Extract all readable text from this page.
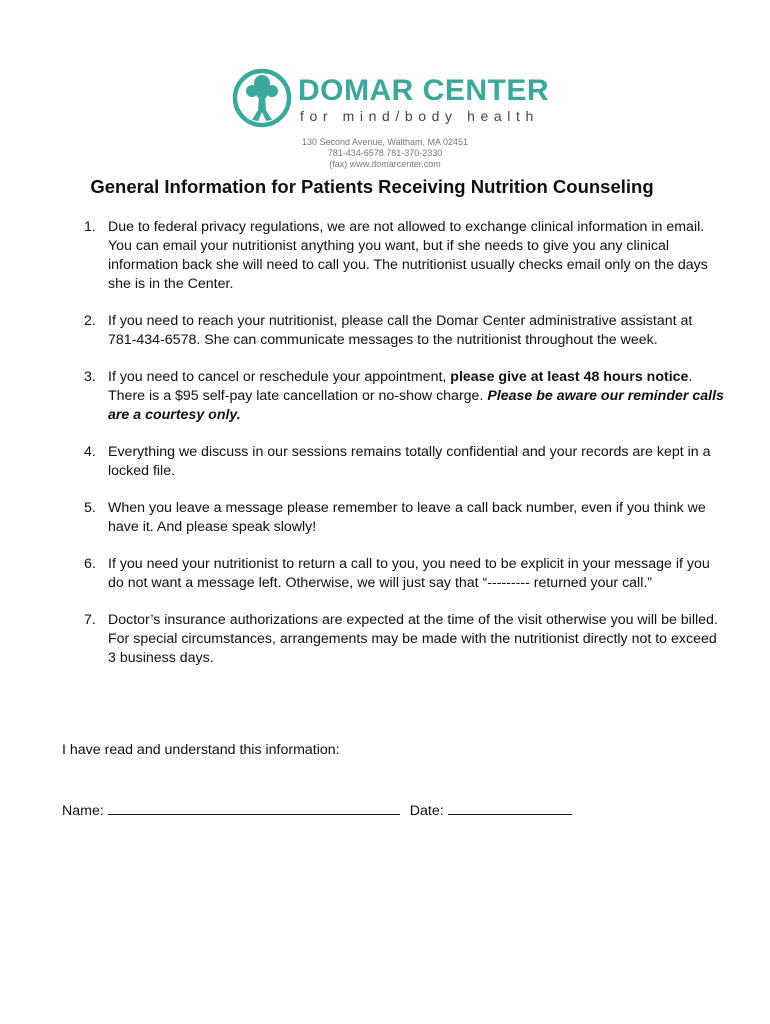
DOMAR CENTER
for mind/body health
130 Second Avenue, Waltham, MA 02451
781-434-6578 781-370-2330
(fax) www.domarcenter.com
General Information for Patients Receiving Nutrition Counseling
1. Due to federal privacy regulations, we are not allowed to exchange clinical information in email. You can email your nutritionist anything you want, but if she needs to give you any clinical information back she will need to call you. The nutritionist usually checks email only on the days she is in the Center.

2. If you need to reach your nutritionist, please call the Domar Center administrative assistant at 781-434-6578. She can communicate messages to the nutritionist throughout the week.

3. If you need to cancel or reschedule your appointment, please give at least 48 hours notice. There is a $95 self-pay late cancellation or no-show charge. Please be aware our reminder calls are a courtesy only.

4. Everything we discuss in our sessions remains totally confidential and your records are kept in a locked file.

5. When you leave a message please remember to leave a call back number, even if you think we have it. And please speak slowly!

6. If you need your nutritionist to return a call to you, you need to be explicit in your message if you do not want a message left. Otherwise, we will just say that “--------- returned your call.”

7. Doctor’s insurance authorizations are expected at the time of the visit otherwise you will be billed. For special circumstances, arrangements may be made with the nutritionist directly not to exceed 3 business days.

I have read and understand this information:
Name:	Date:
